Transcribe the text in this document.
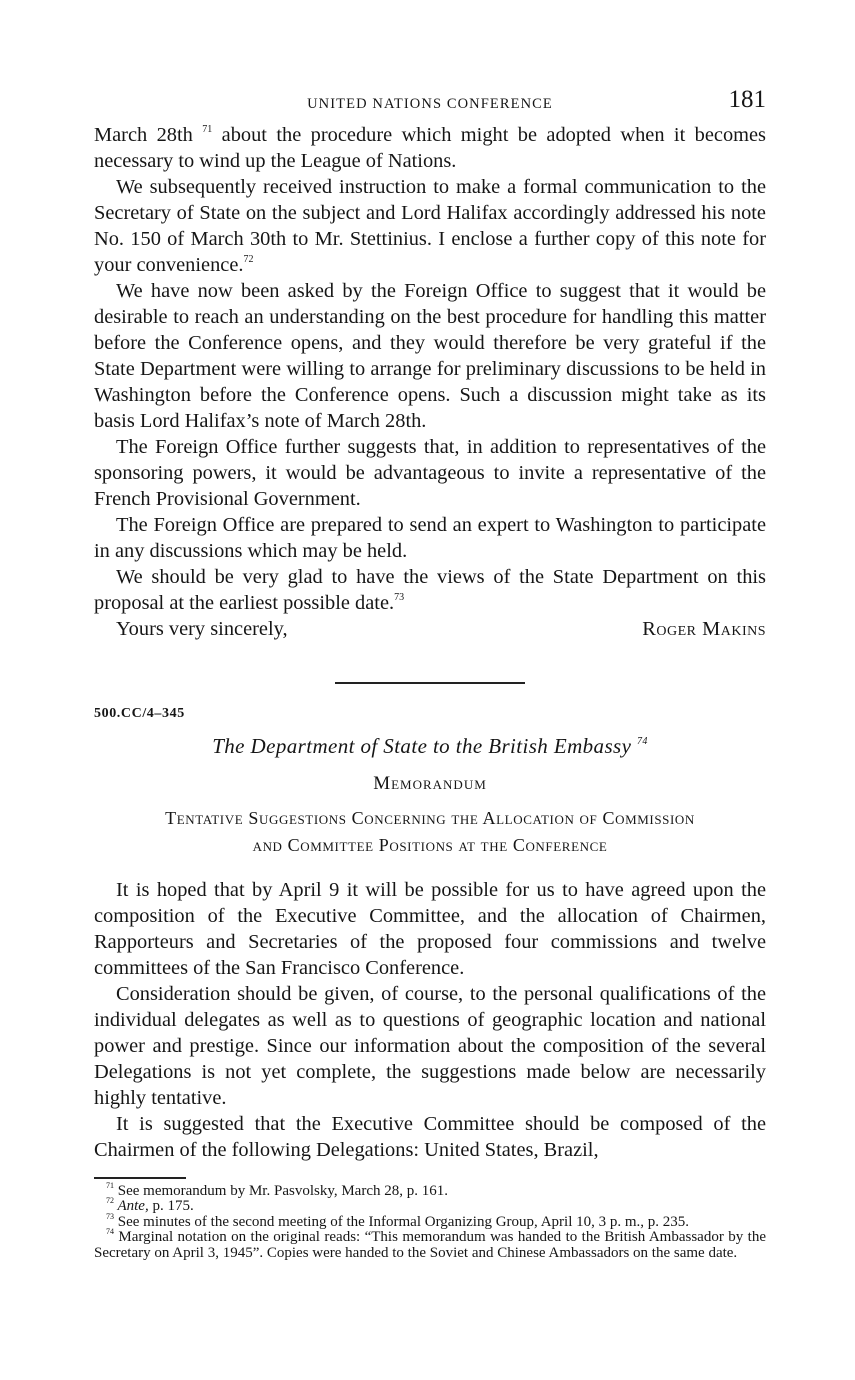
UNITED NATIONS CONFERENCE	181

March 28th $^{71}$ about the procedure which might be adopted when it becomes necessary to wind up the League of Nations.

We subsequently received instruction to make a formal communication to the Secretary of State on the subject and Lord Halifax accordingly addressed his note No. 150 of March 30th to Mr. Stettinius. I enclose a further copy of this note for your convenience.$^{72}$

We have now been asked by the Foreign Office to suggest that it would be desirable to reach an understanding on the best procedure for handling this matter before the Conference opens, and they would therefore be very grateful if the State Department were willing to arrange for preliminary discussions to be held in Washington before the Conference opens. Such a discussion might take as its basis Lord Halifax’s note of March 28th.

The Foreign Office further suggests that, in addition to representatives of the sponsoring powers, it would be advantageous to invite a representative of the French Provisional Government.

The Foreign Office are prepared to send an expert to Washington to participate in any discussions which may be held.

We should be very glad to have the views of the State Department on this proposal at the earliest possible date.$^{73}$

Yours very sincerely,	Roger Makins
500.CC/4–345
The Department of State to the British Embassy $^{74}$
Memorandum
Tentative Suggestions Concerning the Allocation of Commission
and Committee Positions at the Conference

It is hoped that by April 9 it will be possible for us to have agreed upon the composition of the Executive Committee, and the allocation of Chairmen, Rapporteurs and Secretaries of the proposed four commissions and twelve committees of the San Francisco Conference.

Consideration should be given, of course, to the personal qualifications of the individual delegates as well as to questions of geographic location and national power and prestige. Since our information about the composition of the several Delegations is not yet complete, the suggestions made below are necessarily highly tentative.

It is suggested that the Executive Committee should be composed of the Chairmen of the following Delegations: United States, Brazil,

$^{71}$ See memorandum by Mr. Pasvolsky, March 28, p. 161.

$^{72}$ Ante, p. 175.

$^{73}$ See minutes of the second meeting of the Informal Organizing Group, April 10, 3 p. m., p. 235.

$^{74}$ Marginal notation on the original reads: “This memorandum was handed to the British Ambassador by the Secretary on April 3, 1945”. Copies were handed to the Soviet and Chinese Ambassadors on the same date.
